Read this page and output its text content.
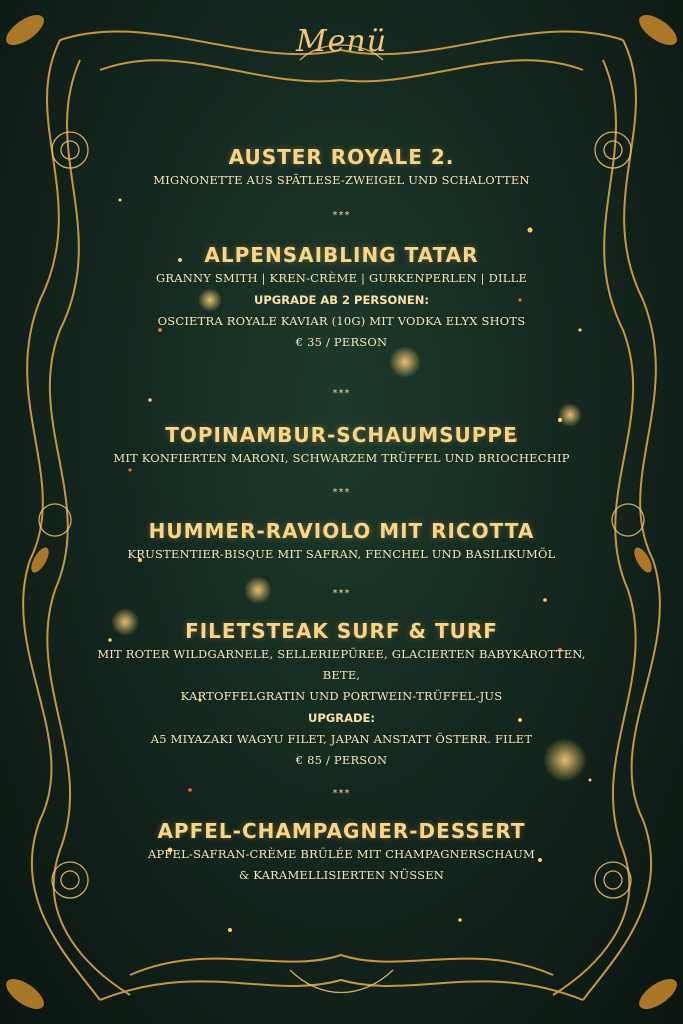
Menü
AUSTER ROYALE 2.
MIGNONETTE AUS SPÄTLESE-ZWEIGEL UND SCHALOTTEN
***
ALPENSAIBLING TATAR
GRANNY SMITH | KREN-CRÈME | GURKENPERLEN | DILLE
UPGRADE AB 2 PERSONEN:
OSCIETRA ROYALE KAVIAR (10G) MIT VODKA ELYX SHOTS
€ 35 / PERSON
***
TOPINAMBUR-SCHAUMSUPPE
MIT KONFIERTEN MARONI, SCHWARZEM TRÜFFEL UND BRIOCHECHIP
***
HUMMER-RAVIOLO MIT RICOTTA
KRUSTENTIER-BISQUE MIT SAFRAN, FENCHEL UND BASILIKUMÖL
***
FILETSTEAK SURF & TURF
MIT ROTER WILDGARNELE, SELLERIEPÜREE, GLACIERTEN BABYKAROTTEN, BETE,
KARTOFFELGRATIN UND PORTWEIN-TRÜFFEL-JUS
UPGRADE:
A5 MIYAZAKI WAGYU FILET, JAPAN ANSTATT ÖSTERR. FILET
€ 85 / PERSON
***
APFEL-CHAMPAGNER-DESSERT
APFEL-SAFRAN-CRÈME BRÛLÉE MIT CHAMPAGNERSCHAUM
& KARAMELLISIERTEN NÜSSEN
